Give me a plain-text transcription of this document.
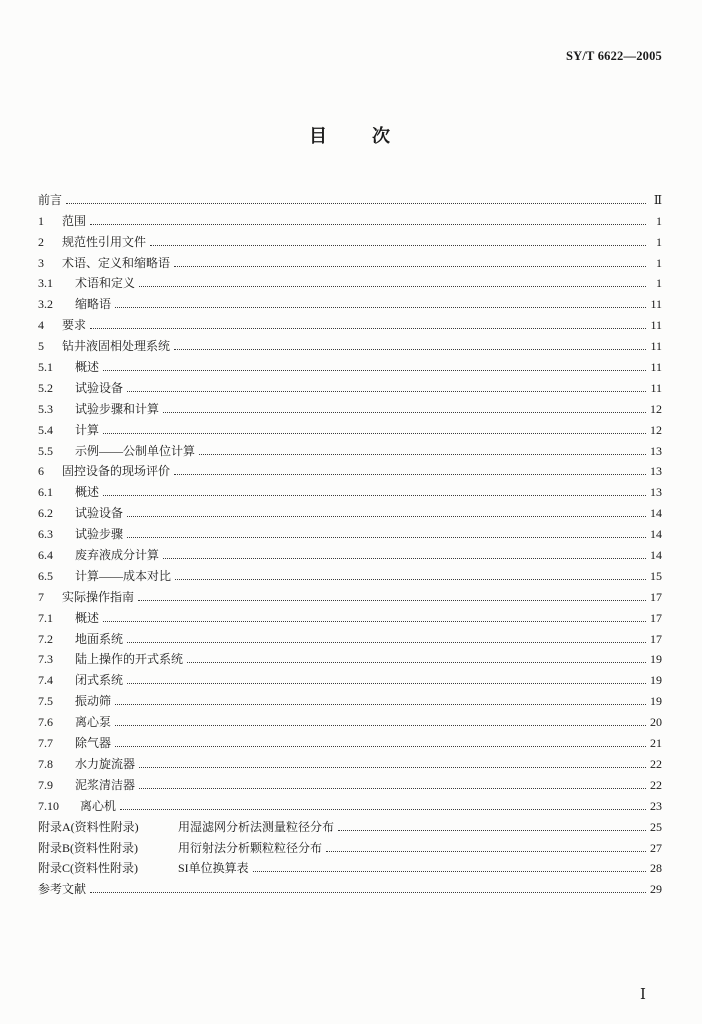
SY/T 6622—2005
目　　次
前言	Ⅱ
1	范围	1
2	规范性引用文件	1
3	术语、定义和缩略语	1
3.1	术语和定义	1
3.2	缩略语	11
4	要求	11
5	钻井液固相处理系统	11
5.1	概述	11
5.2	试验设备	11
5.3	试验步骤和计算	12
5.4	计算	12
5.5	示例——公制单位计算	13
6	固控设备的现场评价	13
6.1	概述	13
6.2	试验设备	14
6.3	试验步骤	14
6.4	废弃液成分计算	14
6.5	计算——成本对比	15
7	实际操作指南	17
7.1	概述	17
7.2	地面系统	17
7.3	陆上操作的开式系统	19
7.4	闭式系统	19
7.5	振动筛	19
7.6	离心泵	20
7.7	除气器	21
7.8	水力旋流器	22
7.9	泥浆清洁器	22
7.10	离心机	23
附录A(资料性附录)	用湿滤网分析法测量粒径分布	25
附录B(资料性附录)	用衍射法分析颗粒粒径分布	27
附录C(资料性附录)	SI单位换算表	28
参考文献	29
Ⅰ
